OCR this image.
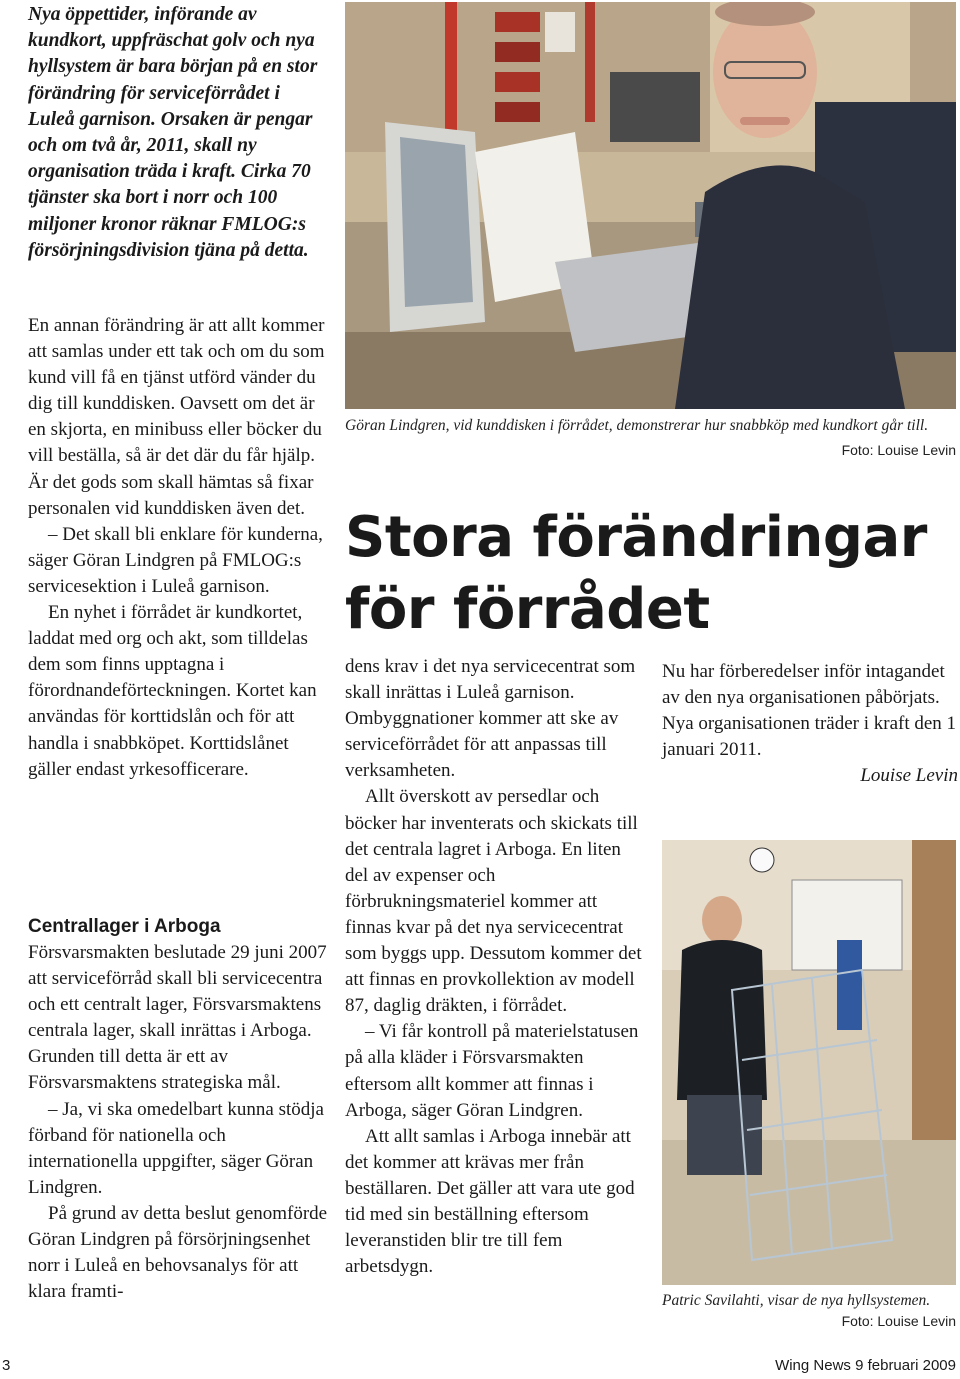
Nya öppettider, införande av kundkort, uppfräschat golv och nya hyllsystem är bara början på en stor förändring för serviceförrådet i Luleå garnison. Orsaken är pengar och om två år, 2011, skall ny organisation träda i kraft. Cirka 70 tjänster ska bort i norr och 100 miljoner kronor räknar FMLOG:s försörjningsdivision tjäna på detta.

En annan förändring är att allt kommer att samlas under ett tak och om du som kund vill få en tjänst utförd vänder du dig till kunddisken. Oavsett om det är en skjorta, en minibuss eller böcker du vill beställa, så är det där du får hjälp. Är det gods som skall hämtas så fixar personalen vid kunddisken även det.

– Det skall bli enklare för kunderna, säger Göran Lindgren på FMLOG:s servicesektion i Luleå garnison.

En nyhet i förrådet är kundkortet, laddat med org och akt, som tilldelas dem som finns upptagna i förordnandeförteckningen. Kortet kan användas för korttidslån och för att handla i snabbköpet. Korttidslånet gäller endast yrkesofficerare.

Centrallager i Arboga

Försvarsmakten beslutade 29 juni 2007 att serviceförråd skall bli servicecentra och ett centralt lager, Försvarsmaktens centrala lager, skall inrättas i Arboga. Grunden till detta är ett av Försvarsmaktens strategiska mål.

– Ja, vi ska omedelbart kunna stödja förband för nationella och internationella uppgifter, säger Göran Lindgren.

På grund av detta beslut genomförde Göran Lindgren på försörjningsenhet norr i Luleå en behovsanalys för att klara framti-

Göran Lindgren, vid kunddisken i förrådet, demonstrerar hur snabbköp med kundkort går till.
Foto: Louise Levin
Stora förändringar
för förrådet

dens krav i det nya servicecentrat som skall inrättas i Luleå garnison. Ombyggnationer kommer att ske av serviceförrådet för att anpassas till verksamheten.

Allt överskott av persedlar och böcker har inventerats och skickats till det centrala lagret i Arboga. En liten del av expenser och förbrukningsmateriel kommer att finnas kvar på det nya servicecentrat som byggs upp. Dessutom kommer det att finnas en provkollektion av modell 87, daglig dräkten, i förrådet.

– Vi får kontroll på materielstatusen på alla kläder i Försvarsmakten eftersom allt kommer att finnas i Arboga, säger Göran Lindgren.

Att allt samlas i Arboga innebär att det kommer att krävas mer från beställaren. Det gäller att vara ute god tid med sin beställning eftersom leveranstiden blir tre till fem arbetsdygn.

Nu har förberedelser inför intagandet av den nya organisationen påbörjats. Nya organisationen träder i kraft den 1 januari 2011.

Louise Levin
Patric Savilahti, visar de nya hyllsystemen.
Foto: Louise Levin
3	Wing News 9 februari 2009
